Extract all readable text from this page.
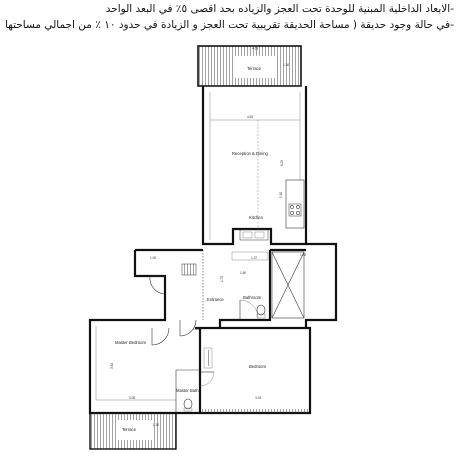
-الابعاد الداخلية المبنية للوحدة تحت العجز والزياده بحد اقصى ٥٪ في البعد الواحد
-في حالة وجود حديقة ( مساحة الحديقة تقريبية تحت العجز و الزيادة في حدود ١٠ ٪ من اجمالي مساحتها
Terrace
4.63
1.30
4.63
6.29
Reception & Dining
Kitchen
2.10
1.00	1.37
1.30
1.75
Entrance	Bathroom
1.60
Master Bedroom
Bedroom
Master Bath
3.64
3.08	3.03
1.40
Terrace
1.30
